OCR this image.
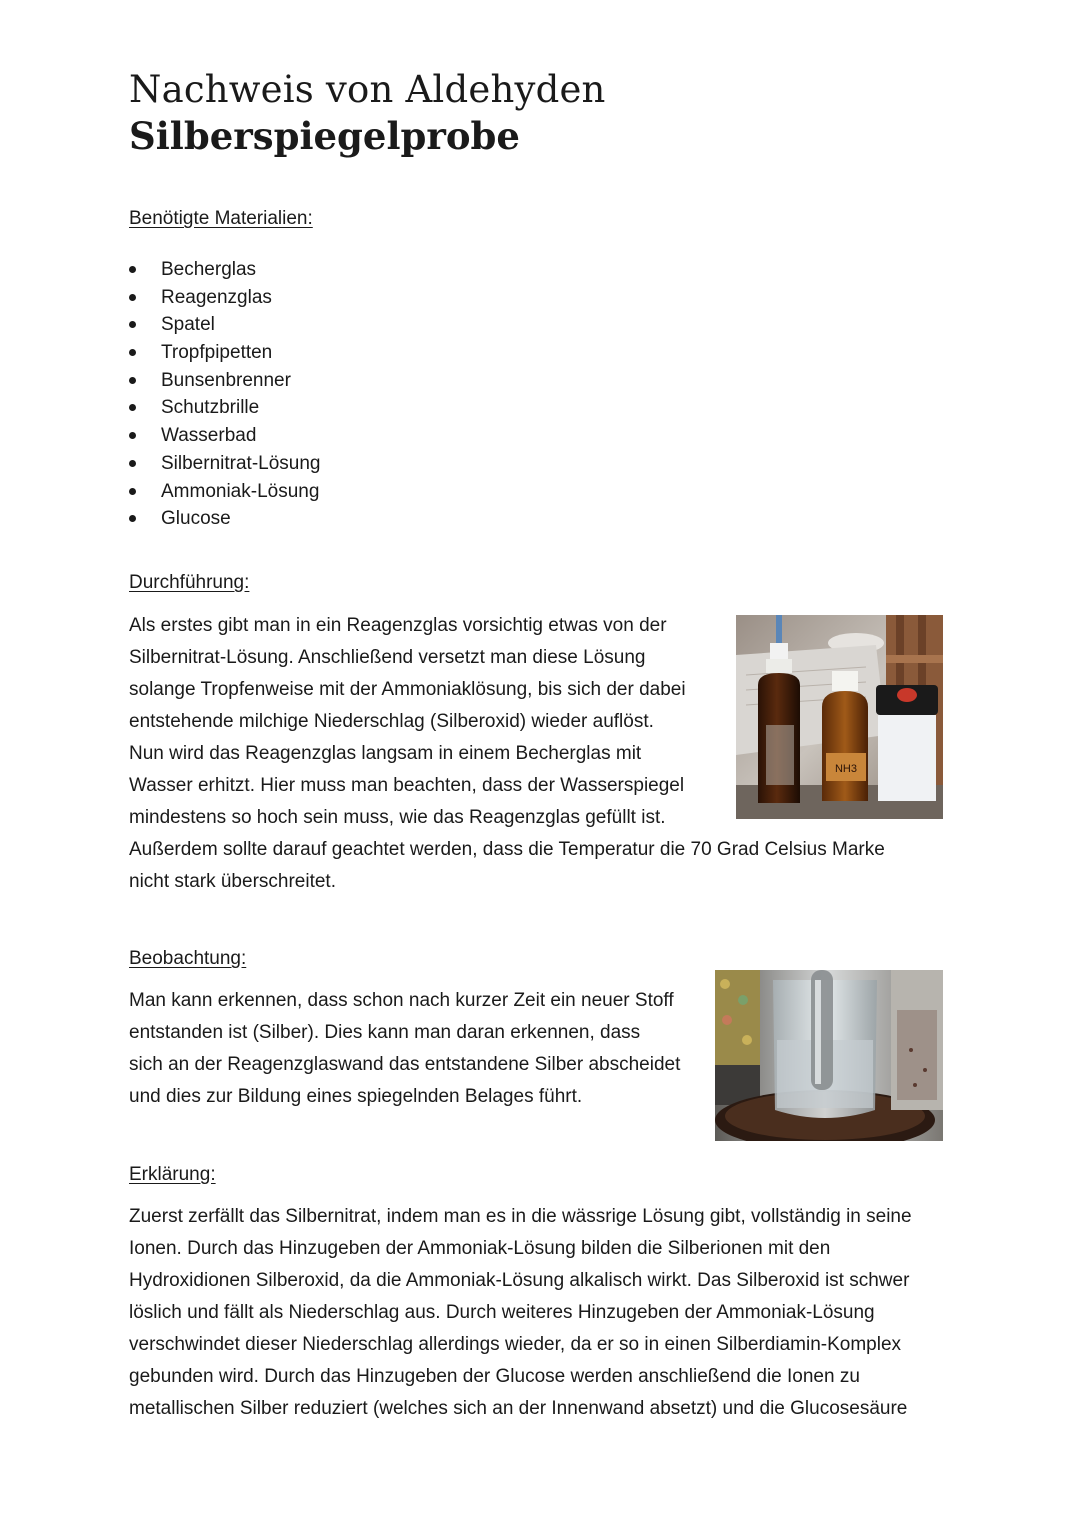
Nachweis von Aldehyden
Silberspiegelprobe
Benötigte Materialien:
Becherglas
Reagenzglas
Spatel
Tropfpipetten
Bunsenbrenner
Schutzbrille
Wasserbad
Silbernitrat-Lösung
Ammoniak-Lösung
Glucose
Durchführung:
Als erstes gibt man in ein Reagenzglas vorsichtig etwas von der
Silbernitrat-Lösung. Anschließend versetzt man diese Lösung
solange Tropfenweise mit der Ammoniaklösung, bis sich der dabei
entstehende milchige Niederschlag (Silberoxid) wieder auflöst.
Nun wird das Reagenzglas langsam in einem Becherglas mit
Wasser erhitzt. Hier muss man beachten, dass der Wasserspiegel
mindestens so hoch sein muss, wie das Reagenzglas gefüllt ist.
Außerdem sollte darauf geachtet werden, dass die Temperatur die 70 Grad Celsius Marke
nicht stark überschreitet.
Beobachtung:
Man kann erkennen, dass schon nach kurzer Zeit ein neuer Stoff
entstanden ist (Silber). Dies kann man daran erkennen, dass
sich an der Reagenzglaswand das entstandene Silber abscheidet
und dies zur Bildung eines spiegelnden Belages führt.
Erklärung:
Zuerst zerfällt das Silbernitrat, indem man es in die wässrige Lösung gibt, vollständig in seine
Ionen. Durch das Hinzugeben der Ammoniak-Lösung bilden die Silberionen mit den
Hydroxidionen Silberoxid, da die Ammoniak-Lösung alkalisch wirkt. Das Silberoxid ist schwer
löslich und fällt als Niederschlag aus. Durch weiteres Hinzugeben der Ammoniak-Lösung
verschwindet dieser Niederschlag allerdings wieder, da er so in einen Silberdiamin-Komplex
gebunden wird. Durch das Hinzugeben der Glucose werden anschließend die Ionen zu
metallischen Silber reduziert (welches sich an der Innenwand absetzt) und die Glucosesäure
NH3
